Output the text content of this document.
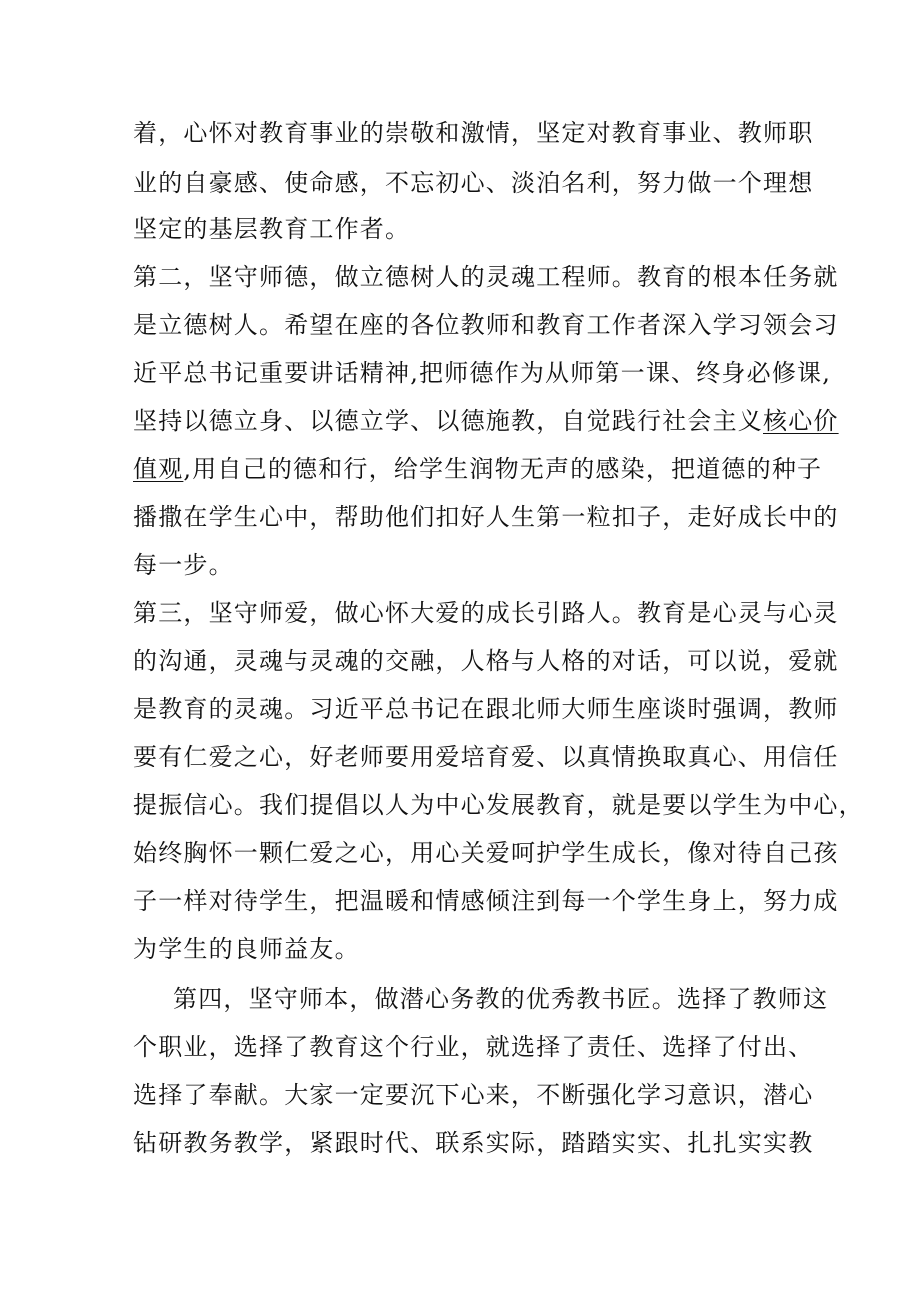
着，心怀对教育事业的崇敬和激情，坚定对教育事业、教师职
业的自豪感、使命感，不忘初心、淡泊名利，努力做一个理想
坚定的基层教育工作者。
第二，坚守师德，做立德树人的灵魂工程师。教育的根本任务就
是立德树人。希望在座的各位教师和教育工作者深入学习领会习
近平总书记重要讲话精神,把师德作为从师第一课、终身必修课,
坚持以德立身、以德立学、以德施教，自觉践行社会主义核心价
值观,用自己的德和行，给学生润物无声的感染，把道德的种子
播撒在学生心中，帮助他们扣好人生第一粒扣子，走好成长中的
每一步。
第三，坚守师爱，做心怀大爱的成长引路人。教育是心灵与心灵
的沟通，灵魂与灵魂的交融，人格与人格的对话，可以说，爱就
是教育的灵魂。习近平总书记在跟北师大师生座谈时强调，教师
要有仁爱之心，好老师要用爱培育爱、以真情换取真心、用信任
提振信心。我们提倡以人为中心发展教育，就是要以学生为中心，
始终胸怀一颗仁爱之心，用心关爱呵护学生成长，像对待自己孩
子一样对待学生，把温暖和情感倾注到每一个学生身上，努力成
为学生的良师益友。
第四，坚守师本，做潜心务教的优秀教书匠。选择了教师这
个职业，选择了教育这个行业，就选择了责任、选择了付出、
选择了奉献。大家一定要沉下心来，不断强化学习意识，潜心
钻研教务教学，紧跟时代、联系实际，踏踏实实、扎扎实实教
